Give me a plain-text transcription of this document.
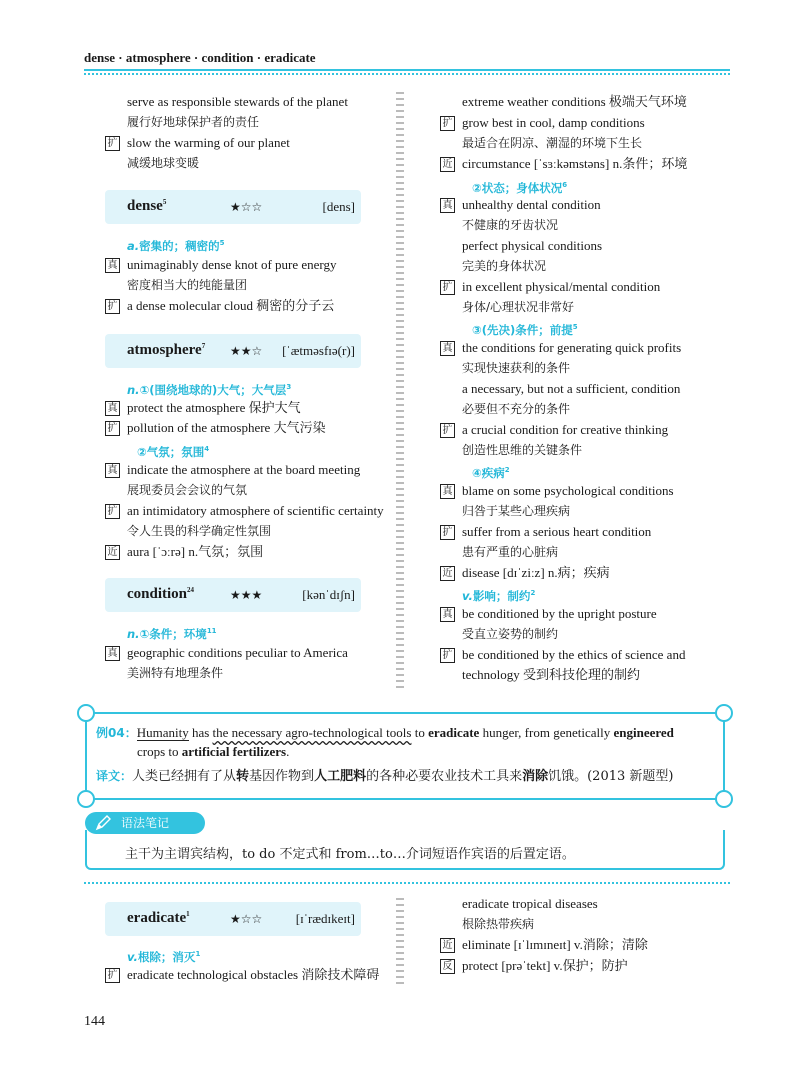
dense · atmosphere · condition · eradicate
serve as responsible stewards of the planet
履行好地球保护者的责任
扩 slow the warming of our planet
减缓地球变暖
dense$^5$	★☆☆	[dens]
a.密集的；稠密的$^5$
真 unimaginably dense knot of pure energy
密度相当大的纯能量团
扩 a dense molecular cloud 稠密的分子云
atmosphere$^7$ ★★☆ [ˈætməsfɪə(r)]
n.①(围绕地球的)大气；大气层$^3$
真 protect the atmosphere 保护大气
扩 pollution of the atmosphere 大气污染
②气氛；氛围$^4$
真 indicate the atmosphere at the board meeting
展现委员会会议的气氛
扩 an intimidatory atmosphere of scientific certainty
令人生畏的科学确定性氛围
近 aura [ˈɔːrə] n.气氛；氛围
condition$^{24}$	★★★	[kənˈdɪʃn]
n.①条件；环境$^{11}$
真 geographic conditions peculiar to America
美洲特有地理条件
extreme weather conditions 极端天气环境
扩 grow best in cool, damp conditions
最适合在阴凉、潮湿的环境下生长
近 circumstance [ˈsɜːkəmstəns] n.条件；环境
②状态；身体状况$^6$
真 unhealthy dental condition
不健康的牙齿状况
perfect physical conditions
完美的身体状况
扩 in excellent physical/mental condition
身体/心理状况非常好
③(先决)条件；前提$^5$
真 the conditions for generating quick profits
实现快速获利的条件
a necessary, but not a sufficient, condition
必要但不充分的条件
扩 a crucial condition for creative thinking
创造性思维的关键条件
④疾病$^2$
真 blame on some psychological conditions
归咎于某些心理疾病
扩 suffer from a serious heart condition
患有严重的心脏病
近 disease [dɪˈziːz] n.病；疾病
v.影响；制约$^2$
真 be conditioned by the upright posture
受直立姿势的制约
扩 be conditioned by the ethics of science and
technology 受到科技伦理的制约
例04：Humanity has the necessary agro-technological tools to eradicate hunger, from genetically engineered
crops to artificial fertilizers.
译文：人类已经拥有了从转基因作物到人工肥料的各种必要农业技术工具来消除饥饿。(2013 新题型)
语法笔记
主干为主谓宾结构，to do 不定式和 from…to…介词短语作宾语的后置定语。
eradicate$^1$	★☆☆	[ɪˈrædɪkeɪt]
v.根除；消灭$^1$
扩 eradicate technological obstacles 消除技术障碍
eradicate tropical diseases
根除热带疾病
近 eliminate [ɪˈlɪmɪneɪt] v.消除；清除
反 protect [prəˈtekt] v.保护；防护
144
